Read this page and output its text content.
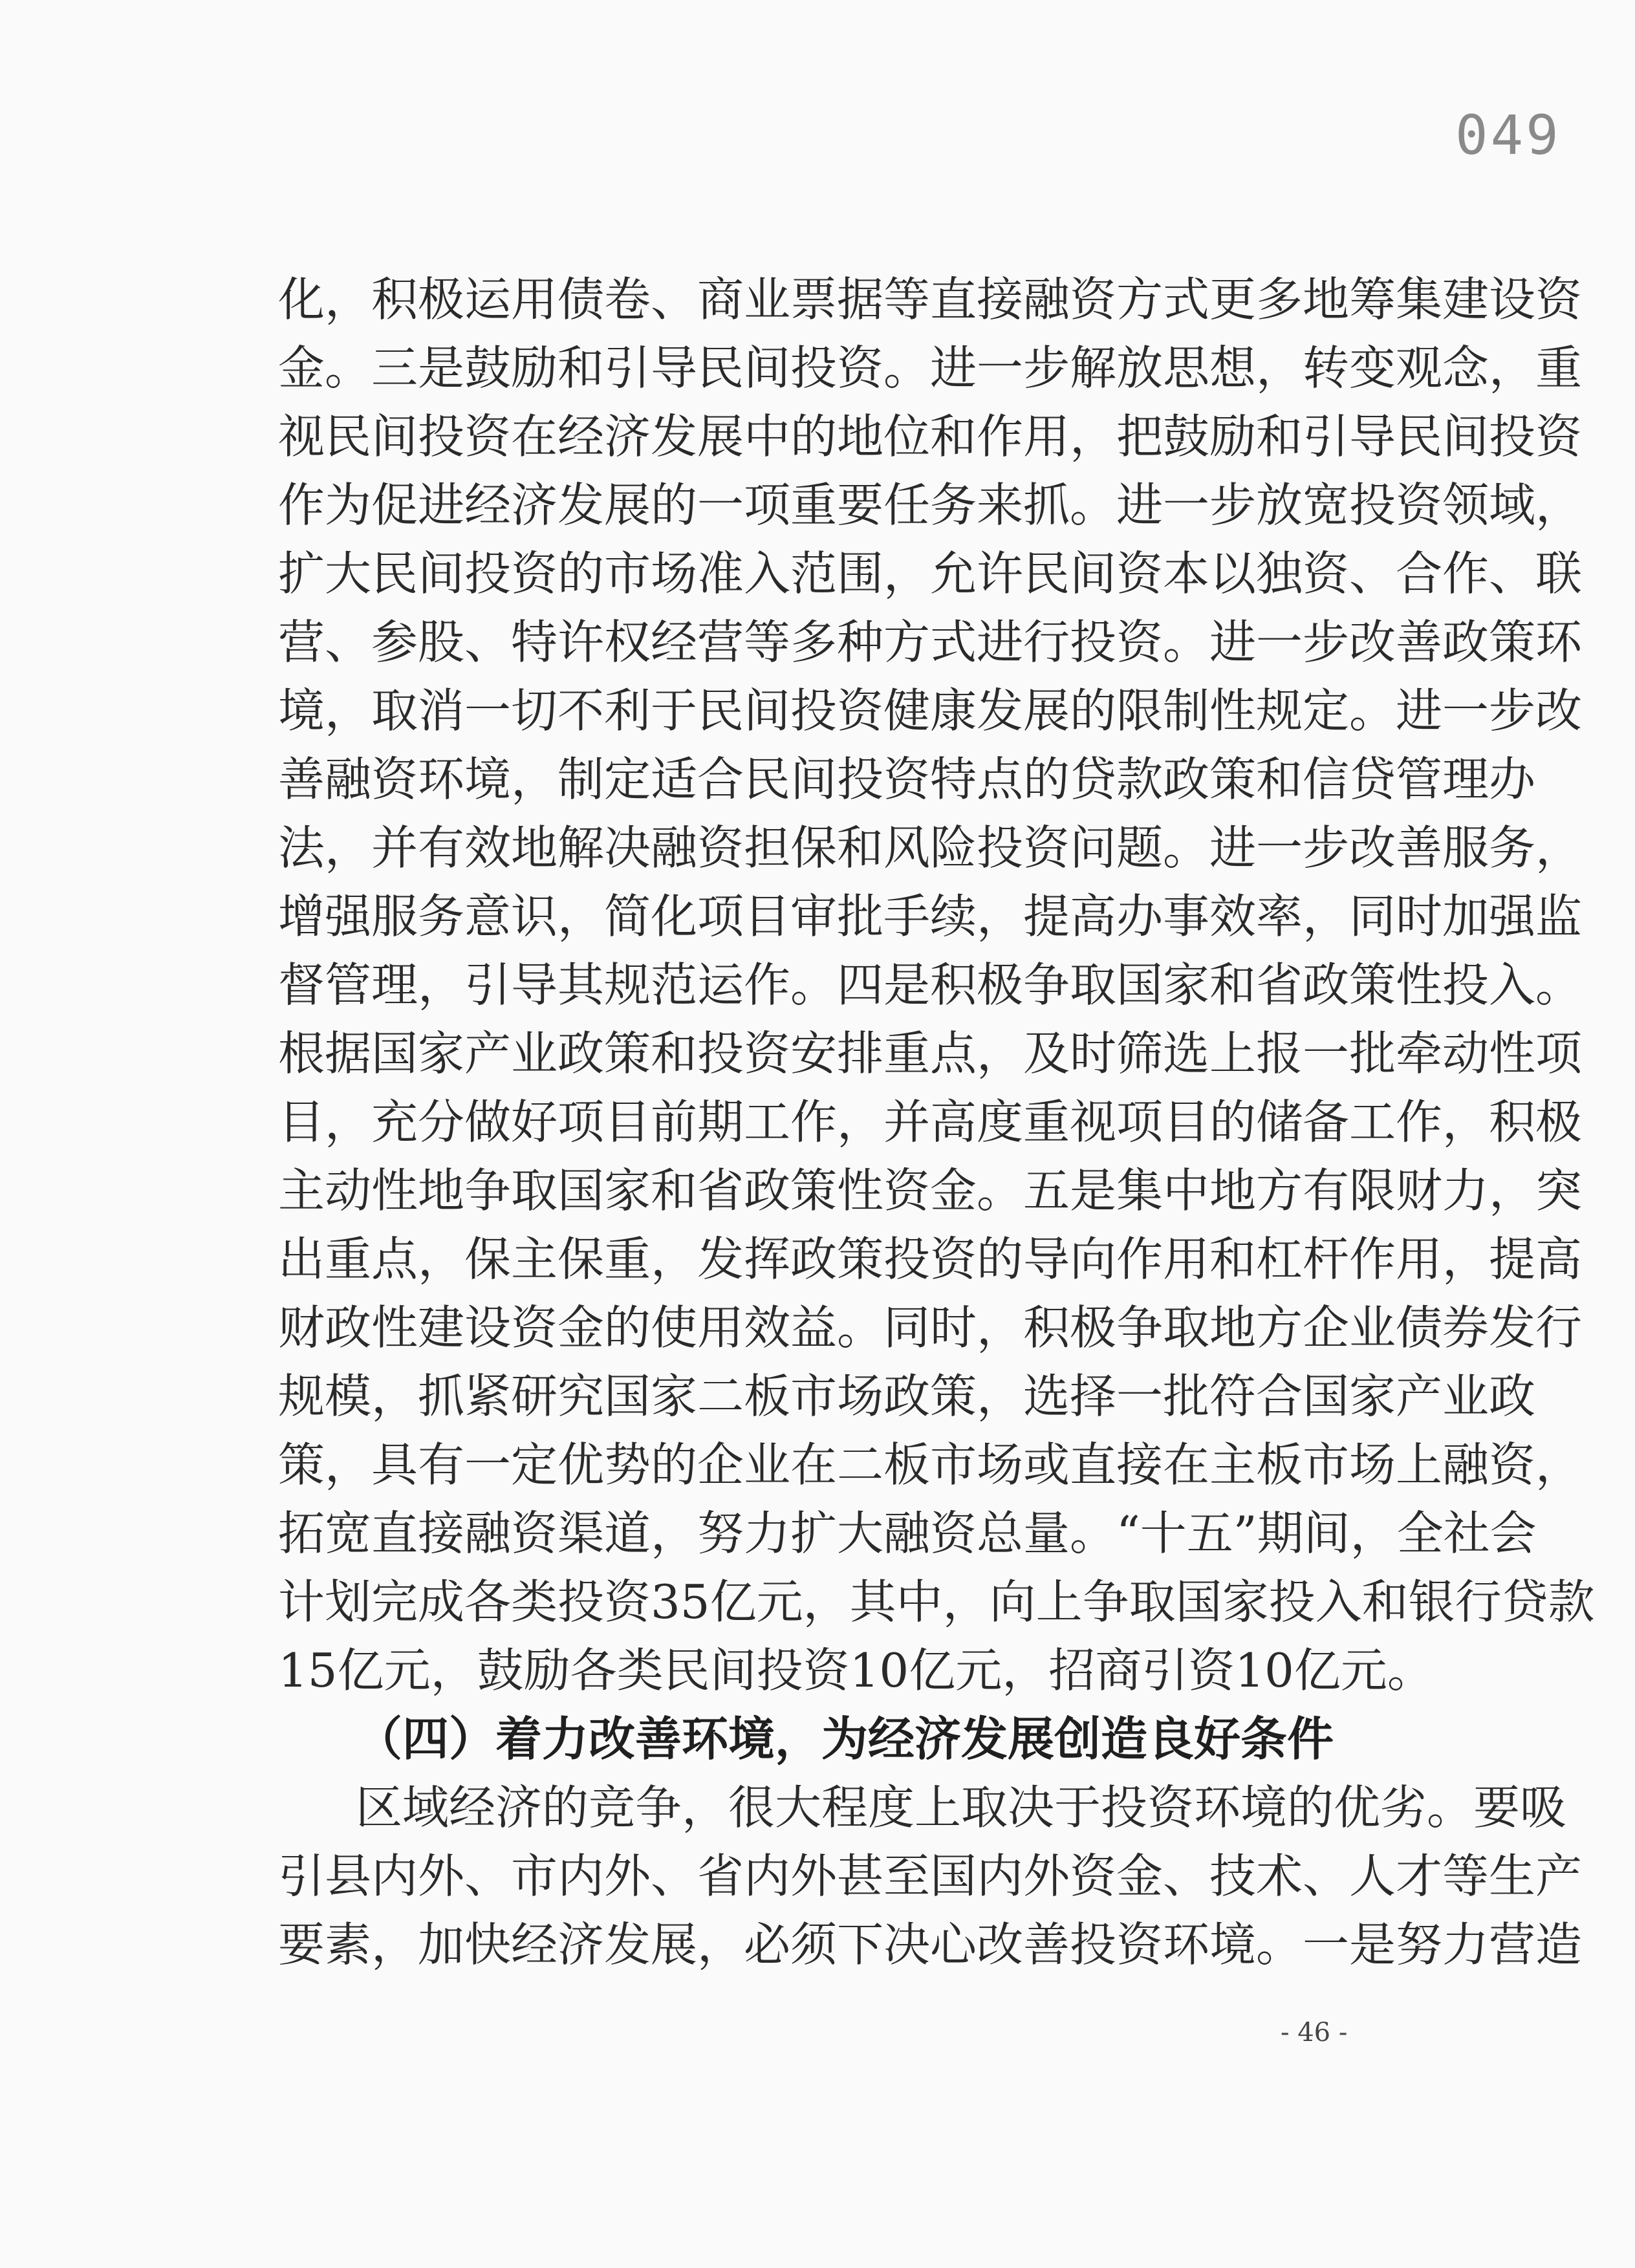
049
化，积极运用债卷、商业票据等直接融资方式更多地筹集建设资
金。三是鼓励和引导民间投资。进一步解放思想，转变观念，重
视民间投资在经济发展中的地位和作用，把鼓励和引导民间投资
作为促进经济发展的一项重要任务来抓。进一步放宽投资领域，
扩大民间投资的市场准入范围，允许民间资本以独资、合作、联
营、参股、特许权经营等多种方式进行投资。进一步改善政策环
境，取消一切不利于民间投资健康发展的限制性规定。进一步改
善融资环境，制定适合民间投资特点的贷款政策和信贷管理办
法，并有效地解决融资担保和风险投资问题。进一步改善服务，
增强服务意识，简化项目审批手续，提高办事效率，同时加强监
督管理，引导其规范运作。四是积极争取国家和省政策性投入。
根据国家产业政策和投资安排重点，及时筛选上报一批牵动性项
目，充分做好项目前期工作，并高度重视项目的储备工作，积极
主动性地争取国家和省政策性资金。五是集中地方有限财力，突
出重点，保主保重，发挥政策投资的导向作用和杠杆作用，提高
财政性建设资金的使用效益。同时，积极争取地方企业债券发行
规模，抓紧研究国家二板市场政策，选择一批符合国家产业政
策，具有一定优势的企业在二板市场或直接在主板市场上融资，
拓宽直接融资渠道，努力扩大融资总量。“十五”期间，全社会
计划完成各类投资35亿元，其中，向上争取国家投入和银行贷款
15亿元，鼓励各类民间投资10亿元，招商引资10亿元。
（四）着力改善环境，为经济发展创造良好条件
区域经济的竞争，很大程度上取决于投资环境的优劣。要吸
引县内外、市内外、省内外甚至国内外资金、技术、人才等生产
要素，加快经济发展，必须下决心改善投资环境。一是努力营造
- 46 -
